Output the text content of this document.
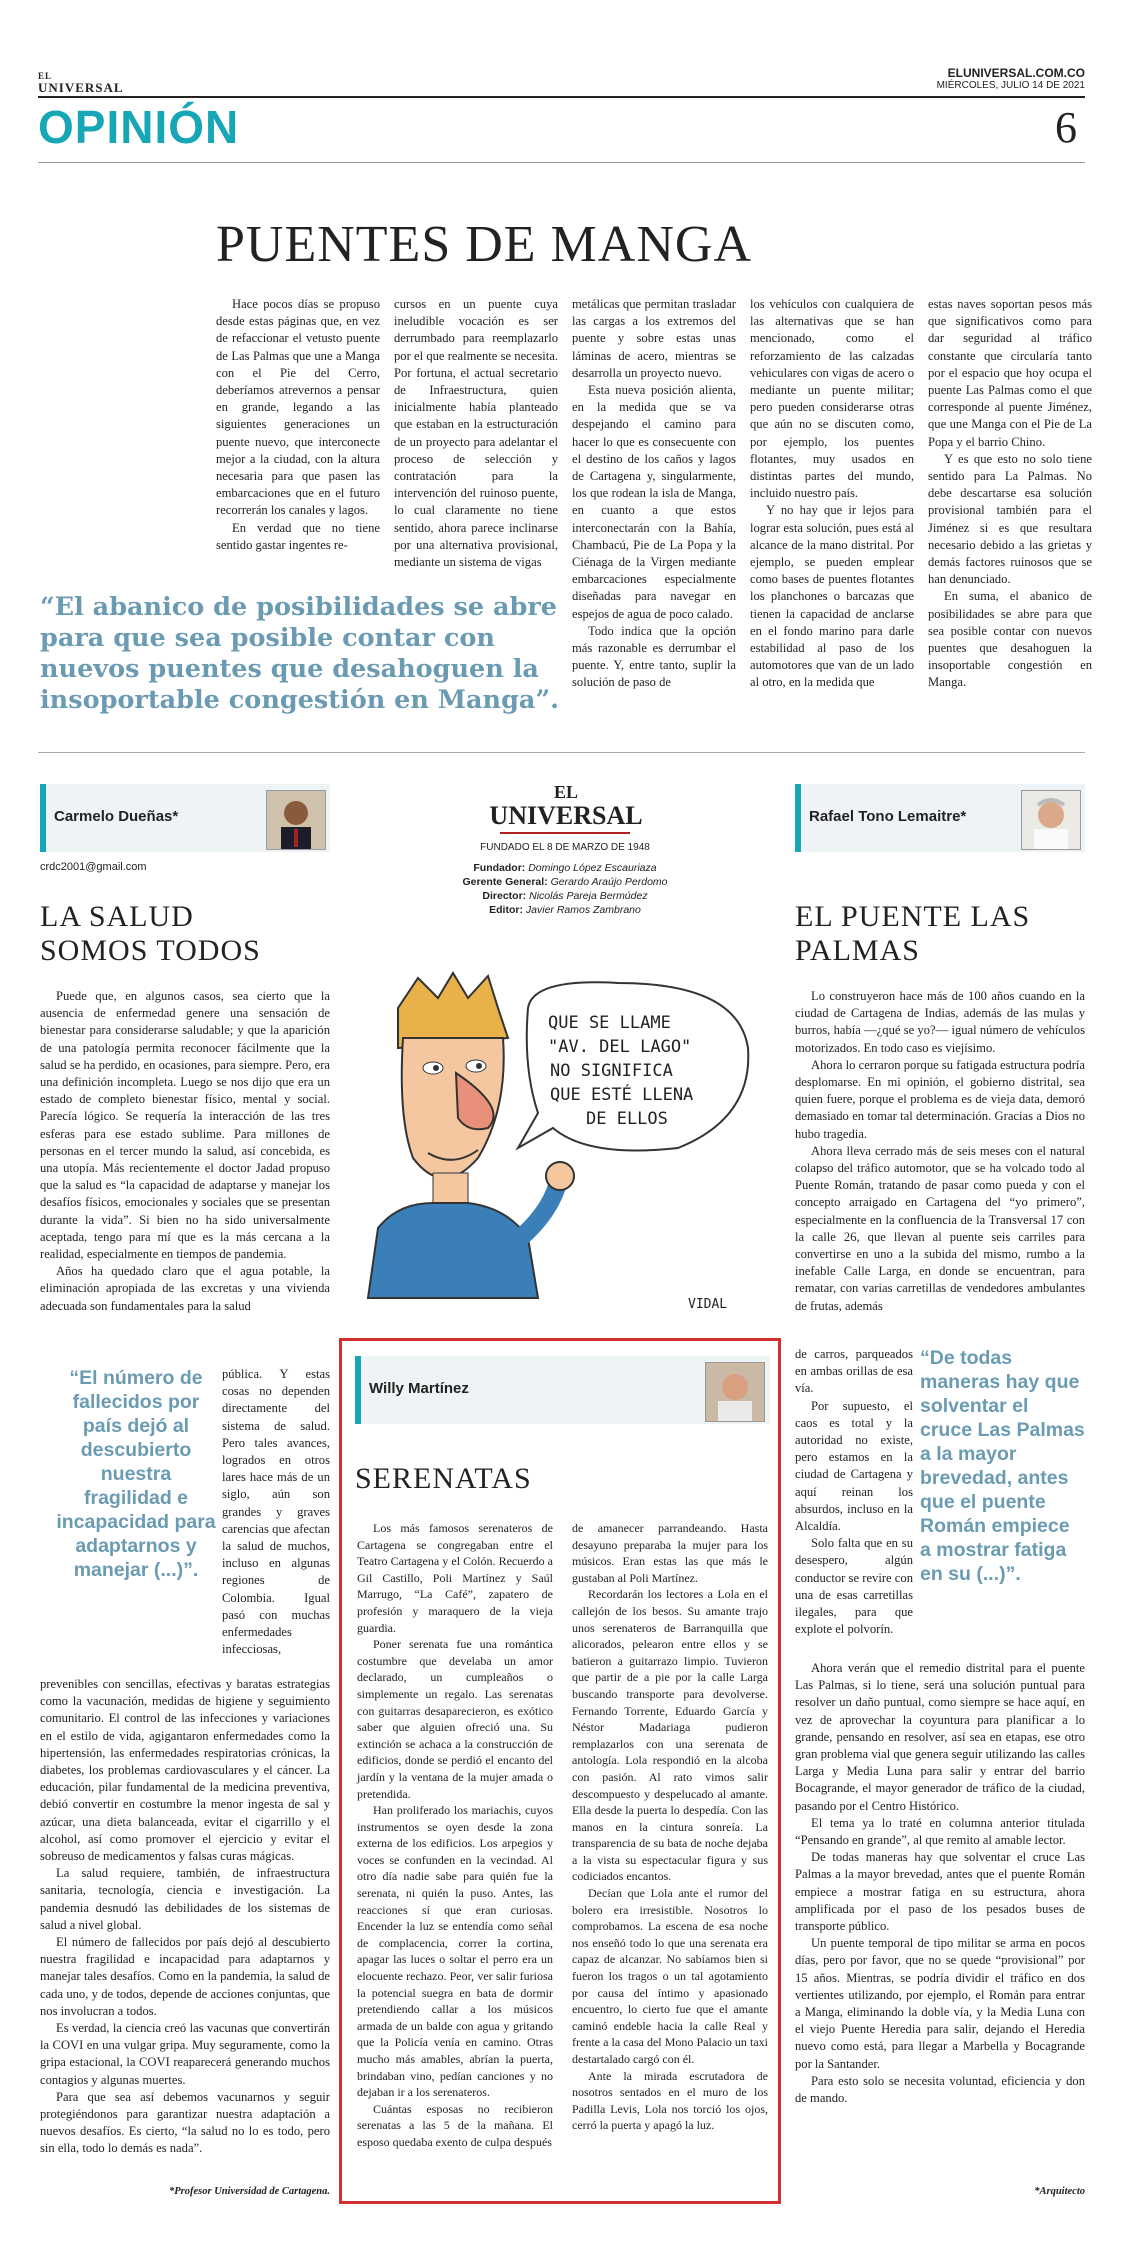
EL
UNIVERSAL
ELUNIVERSAL.COM.CO
MIÉRCOLES, JULIO 14 DE 2021
OPINIÓN	6
PUENTES DE MANGA

Hace pocos días se propuso desde estas páginas que, en vez de refaccionar el vetusto puente de Las Palmas que une a Manga con el Pie del Cerro, deberíamos atrevernos a pensar en grande, legando a las siguientes generaciones un puente nuevo, que interconecte mejor a la ciudad, con la altura necesaria para que pasen las embarcaciones que en el futuro recorrerán los canales y lagos.

En verdad que no tiene sentido gastar ingentes re-

cursos en un puente cuya ineludible vocación es ser derrumbado para reemplazarlo por el que realmente se necesita. Por fortuna, el actual secretario de Infraestructura, quien inicialmente había planteado que estaban en la estructuración de un proyecto para adelantar el proceso de selección y contratación para la intervención del ruinoso puente, lo cual claramente no tiene sentido, ahora parece inclinarse por una alternativa provisional, mediante un sistema de vigas

metálicas que permitan trasladar las cargas a los extremos del puente y sobre estas unas láminas de acero, mientras se desarrolla un proyecto nuevo.

Esta nueva posición alienta, en la medida que se va despejando el camino para hacer lo que es consecuente con el destino de los caños y lagos de Cartagena y, singularmente, los que rodean la isla de Manga, en cuanto a que estos interconectarán con la Bahía, Chambacú, Pie de La Popa y la Ciénaga de la Virgen mediante embarcaciones especialmente diseñadas para navegar en espejos de agua de poco calado.

Todo indica que la opción más razonable es derrumbar el puente. Y, entre tanto, suplir la solución de paso de

los vehículos con cualquiera de las alternativas que se han mencionado, como el reforzamiento de las calzadas vehiculares con vigas de acero o mediante un puente militar; pero pueden considerarse otras que aún no se discuten como, por ejemplo, los puentes flotantes, muy usados en distintas partes del mundo, incluido nuestro país.

Y no hay que ir lejos para lograr esta solución, pues está al alcance de la mano distrital. Por ejemplo, se pueden emplear como bases de puentes flotantes los planchones o barcazas que tienen la capacidad de anclarse en el fondo marino para darle estabilidad al paso de los automotores que van de un lado al otro, en la medida que

estas naves soportan pesos más que significativos como para dar seguridad al tráfico constante que circularía tanto por el espacio que hoy ocupa el puente Las Palmas como el que corresponde al puente Jiménez, que une Manga con el Pie de La Popa y el barrio Chino.

Y es que esto no solo tiene sentido para La Palmas. No debe descartarse esa solución provisional también para el Jiménez si es que resultara necesario debido a las grietas y demás factores ruinosos que se han denunciado.

En suma, el abanico de posibilidades se abre para que sea posible contar con nuevos puentes que desahoguen la insoportable congestión en Manga.

“El abanico de posibilidades se abre para que sea posible contar con nuevos puentes que desahoguen la insoportable congestión en Manga”.
Carmelo Dueñas*
crdc2001@gmail.com
LA SALUD
SOMOS TODOS

Puede que, en algunos casos, sea cierto que la ausencia de enfermedad genere una sensación de bienestar para considerarse saludable; y que la aparición de una patología permita reconocer fácilmente que la salud se ha perdido, en ocasiones, para siempre. Pero, era una definición incompleta. Luego se nos dijo que era un estado de completo bienestar físico, mental y social. Parecía lógico. Se requería la interacción de las tres esferas para ese estado sublime. Para millones de personas en el tercer mundo la salud, así concebida, es una utopía. Más recientemente el doctor Jadad propuso que la salud es “la capacidad de adaptarse y manejar los desafíos físicos, emocionales y sociales que se presentan durante la vida”. Si bien no ha sido universalmente aceptada, tengo para mí que es la más cercana a la realidad, especialmente en tiempos de pandemia.

Años ha quedado claro que el agua potable, la eliminación apropiada de las excretas y una vivienda adecuada son fundamentales para la salud

“El número de fallecidos por país dejó al descubierto nuestra fragilidad e incapacidad para adaptarnos y manejar (...)”.

pública. Y estas cosas no dependen directamente del sistema de salud. Pero tales avances, logrados en otros lares hace más de un siglo, aún son grandes y graves carencias que afectan la salud de muchos, incluso en algunas regiones de Colombia. Igual pasó con muchas enfermedades infecciosas,

prevenibles con sencillas, efectivas y baratas estrategias como la vacunación, medidas de higiene y seguimiento comunitario. El control de las infecciones y variaciones en el estilo de vida, agigantaron enfermedades como la hipertensión, las enfermedades respiratorias crónicas, la diabetes, los problemas cardiovasculares y el cáncer. La educación, pilar fundamental de la medicina preventiva, debió convertir en costumbre la menor ingesta de sal y azúcar, una dieta balanceada, evitar el cigarrillo y el alcohol, así como promover el ejercicio y evitar el sobreuso de medicamentos y falsas curas mágicas.

La salud requiere, también, de infraestructura sanitaria, tecnología, ciencia e investigación. La pandemia desnudó las debilidades de los sistemas de salud a nivel global.

El número de fallecidos por país dejó al descubierto nuestra fragilidad e incapacidad para adaptarnos y manejar tales desafíos. Como en la pandemia, la salud de cada uno, y de todos, depende de acciones conjuntas, que nos involucran a todos.

Es verdad, la ciencia creó las vacunas que convertirán la COVI en una vulgar gripa. Muy seguramente, como la gripa estacional, la COVI reaparecerá generando muchos contagios y algunas muertes.

Para que sea así debemos vacunarnos y seguir protegiéndonos para garantizar nuestra adaptación a nuevos desafíos. Es cierto, “la salud no lo es todo, pero sin ella, todo lo demás es nada”.

*Profesor Universidad de Cartagena.
EL
UNIVERSAL
FUNDADO EL 8 DE MARZO DE 1948
Fundador: Domingo López Escauriaza
Gerente General: Gerardo Araújo Perdomo
Director: Nicolás Pareja Bermúdez
Editor: Javier Ramos Zambrano
QUE SE LLAME
"AV. DEL LAGO"
NO SIGNIFICA
QUE ESTÉ LLENA
DE ELLOS
VIDAL
Willy Martínez
SERENATAS

Los más famosos serenateros de Cartagena se congregaban entre el Teatro Cartagena y el Colón. Recuerdo a Gil Castillo, Poli Martínez y Saúl Marrugo, “La Café”, zapatero de profesión y maraquero de la vieja guardia.

Poner serenata fue una romántica costumbre que develaba un amor declarado, un cumpleaños o simplemente un regalo. Las serenatas con guitarras desaparecieron, es exótico saber que alguien ofreció una. Su extinción se achaca a la construcción de edificios, donde se perdió el encanto del jardín y la ventana de la mujer amada o pretendida.

Han proliferado los mariachis, cuyos instrumentos se oyen desde la zona externa de los edificios. Los arpegios y voces se confunden en la vecindad. Al otro día nadie sabe para quién fue la serenata, ni quién la puso. Antes, las reacciones sí que eran curiosas. Encender la luz se entendía como señal de complacencia, correr la cortina, apagar las luces o soltar el perro era un elocuente rechazo. Peor, ver salir furiosa la potencial suegra en bata de dormir pretendiendo callar a los músicos armada de un balde con agua y gritando que la Policía venía en camino. Otras mucho más amables, abrían la puerta, brindaban vino, pedían canciones y no dejaban ir a los serenateros.

Cuántas esposas no recibieron serenatas a las 5 de la mañana. El esposo quedaba exento de culpa después

de amanecer parrandeando. Hasta desayuno preparaba la mujer para los músicos. Eran estas las que más le gustaban al Poli Martínez.

Recordarán los lectores a Lola en el callejón de los besos. Su amante trajo unos serenateros de Barranquilla que alicorados, pelearon entre ellos y se batieron a guitarrazo limpio. Tuvieron que partir de a pie por la calle Larga buscando transporte para devolverse. Fernando Torrente, Eduardo García y Néstor Madariaga pudieron remplazarlos con una serenata de antología. Lola respondió en la alcoba con pasión. Al rato vimos salir descompuesto y despelucado al amante. Ella desde la puerta lo despedía. Con las manos en la cintura sonreía. La transparencia de su bata de noche dejaba a la vista su espectacular figura y sus codiciados encantos.

Decían que Lola ante el rumor del bolero era irresistible. Nosotros lo comprobamos. La escena de esa noche nos enseñó todo lo que una serenata era capaz de alcanzar. No sabíamos bien si fueron los tragos o un tal agotamiento por causa del íntimo y apasionado encuentro, lo cierto fue que el amante caminó endeble hacia la calle Real y frente a la casa del Mono Palacio un taxi destartalado cargó con él.

Ante la mirada escrutadora de nosotros sentados en el muro de los Padilla Levis, Lola nos torció los ojos, cerró la puerta y apagó la luz.

Rafael Tono Lemaitre*
EL PUENTE LAS
PALMAS

Lo construyeron hace más de 100 años cuando en la ciudad de Cartagena de Indias, además de las mulas y burros, había —¿qué se yo?— igual número de vehículos motorizados. En todo caso es viejísimo.

Ahora lo cerraron porque su fatigada estructura podría desplomarse. En mi opinión, el gobierno distrital, sea quien fuere, porque el problema es de vieja data, demoró demasiado en tomar tal determinación. Gracias a Dios no hubo tragedia.

Ahora lleva cerrado más de seis meses con el natural colapso del tráfico automotor, que se ha volcado todo al Puente Román, tratando de pasar como pueda y con el concepto arraigado en Cartagena del “yo primero”, especialmente en la confluencia de la Transversal 17 con la calle 26, que llevan al puente seis carriles para convertirse en uno a la subida del mismo, rumbo a la inefable Calle Larga, en donde se encuentran, para rematar, con varias carretillas de vendedores ambulantes de frutas, además

de carros, parqueados en ambas orillas de esa vía.

Por supuesto, el caos es total y la autoridad no existe, pero estamos en la ciudad de Cartagena y aquí reinan los absurdos, incluso en la Alcaldía.

Solo falta que en su desespero, algún conductor se revire con una de esas carretillas ilegales, para que explote el polvorín.

“De todas maneras hay que solventar el cruce Las Palmas a la mayor brevedad, antes que el puente Román empiece a mostrar fatiga en su (...)”.

Ahora verán que el remedio distrital para el puente Las Palmas, si lo tiene, será una solución puntual para resolver un daño puntual, como siempre se hace aquí, en vez de aprovechar la coyuntura para planificar a lo grande, pensando en resolver, así sea en etapas, ese otro gran problema vial que genera seguir utilizando las calles Larga y Media Luna para salir y entrar del barrio Bocagrande, el mayor generador de tráfico de la ciudad, pasando por el Centro Histórico.

El tema ya lo traté en columna anterior titulada “Pensando en grande”, al que remito al amable lector.

De todas maneras hay que solventar el cruce Las Palmas a la mayor brevedad, antes que el puente Román empiece a mostrar fatiga en su estructura, ahora amplificada por el paso de los pesados buses de transporte público.

Un puente temporal de tipo militar se arma en pocos días, pero por favor, que no se quede “provisional” por 15 años. Mientras, se podría dividir el tráfico en dos vertientes utilizando, por ejemplo, el Román para entrar a Manga, eliminando la doble vía, y la Media Luna con el viejo Puente Heredia para salir, dejando el Heredia nuevo como está, para llegar a Marbella y Bocagrande por la Santander.

Para esto solo se necesita voluntad, eficiencia y don de mando.

*Arquitecto
